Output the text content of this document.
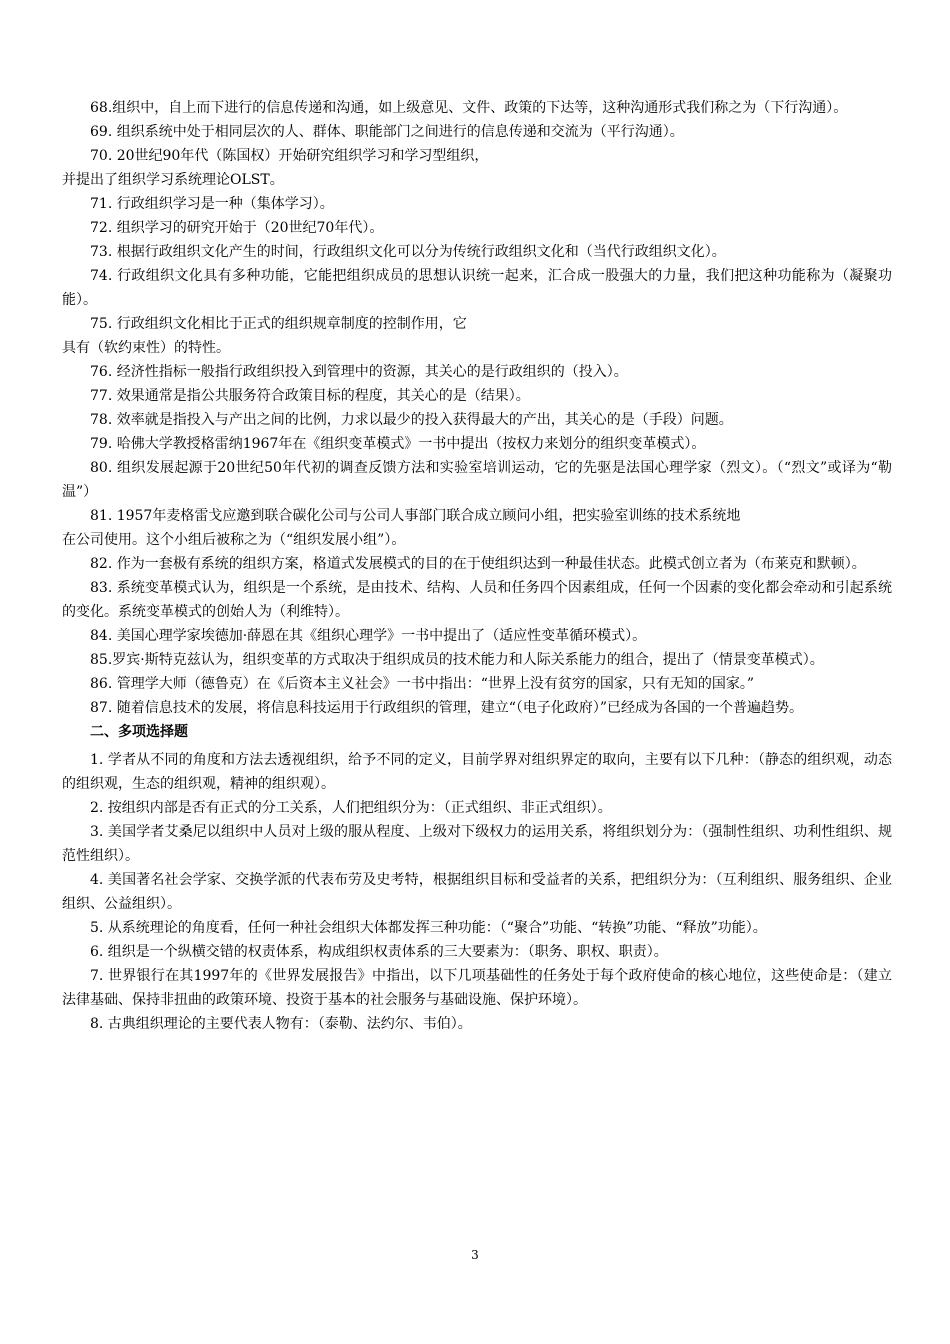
68.组织中，自上而下进行的信息传递和沟通，如上级意见、文件、政策的下达等，这种沟通形式我们称之为（下行沟通）。

69. 组织系统中处于相同层次的人、群体、职能部门之间进行的信息传递和交流为（平行沟通）。

70. 20世纪90年代（陈国权）开始研究组织学习和学习型组织，

并提出了组织学习系统理论OLST。

71. 行政组织学习是一种（集体学习）。

72. 组织学习的研究开始于（20世纪70年代）。

73. 根据行政组织文化产生的时间，行政组织文化可以分为传统行政组织文化和（当代行政组织文化）。

74. 行政组织文化具有多种功能，它能把组织成员的思想认识统一起来，汇合成一股强大的力量，我们把这种功能称为（凝聚功能）。

75. 行政组织文化相比于正式的组织规章制度的控制作用，它

具有（软约束性）的特性。

76. 经济性指标一般指行政组织投入到管理中的资源，其关心的是行政组织的（投入）。

77. 效果通常是指公共服务符合政策目标的程度，其关心的是（结果）。

78. 效率就是指投入与产出之间的比例，力求以最少的投入获得最大的产出，其关心的是（手段）问题。

79. 哈佛大学教授格雷纳1967年在《组织变革模式》一书中提出（按权力来划分的组织变革模式）。

80. 组织发展起源于20世纪50年代初的调查反馈方法和实验室培训运动，它的先驱是法国心理学家（烈文）。（“烈文”或译为“勒温”）

81. 1957年麦格雷戈应邀到联合碳化公司与公司人事部门联合成立顾问小组，把实验室训练的技术系统地

在公司使用。这个小组后被称之为（“组织发展小组”）。

82. 作为一套极有系统的组织方案，格道式发展模式的目的在于使组织达到一种最佳状态。此模式创立者为（布莱克和默顿）。

83. 系统变革模式认为，组织是一个系统，是由技术、结构、人员和任务四个因素组成，任何一个因素的变化都会牵动和引起系统的变化。系统变革模式的创始人为（利维特）。

84. 美国心理学家埃德加·薛恩在其《组织心理学》一书中提出了（适应性变革循环模式）。

85.罗宾·斯特克兹认为，组织变革的方式取决于组织成员的技术能力和人际关系能力的组合，提出了（情景变革模式）。

86. 管理学大师（德鲁克）在《后资本主义社会》一书中指出：“世界上没有贫穷的国家，只有无知的国家。”

87. 随着信息技术的发展，将信息科技运用于行政组织的管理，建立“（电子化政府）”已经成为各国的一个普遍趋势。

二、多项选择题

1. 学者从不同的角度和方法去透视组织，给予不同的定义，目前学界对组织界定的取向，主要有以下几种：（静态的组织观，动态的组织观，生态的组织观，精神的组织观）。

2. 按组织内部是否有正式的分工关系，人们把组织分为：（正式组织、非正式组织）。

3. 美国学者艾桑尼以组织中人员对上级的服从程度、上级对下级权力的运用关系，将组织划分为：（强制性组织、功利性组织、规范性组织）。

4. 美国著名社会学家、交换学派的代表布劳及史考特，根据组织目标和受益者的关系，把组织分为：（互利组织、服务组织、企业组织、公益组织）。

5. 从系统理论的角度看，任何一种社会组织大体都发挥三种功能：（“聚合”功能、“转换”功能、“释放”功能）。

6. 组织是一个纵横交错的权责体系，构成组织权责体系的三大要素为：（职务、职权、职责）。

7. 世界银行在其1997年的《世界发展报告》中指出，以下几项基础性的任务处于每个政府使命的核心地位，这些使命是：（建立法律基础、保持非扭曲的政策环境、投资于基本的社会服务与基础设施、保护环境）。

8. 古典组织理论的主要代表人物有：（泰勒、法约尔、韦伯）。

3
